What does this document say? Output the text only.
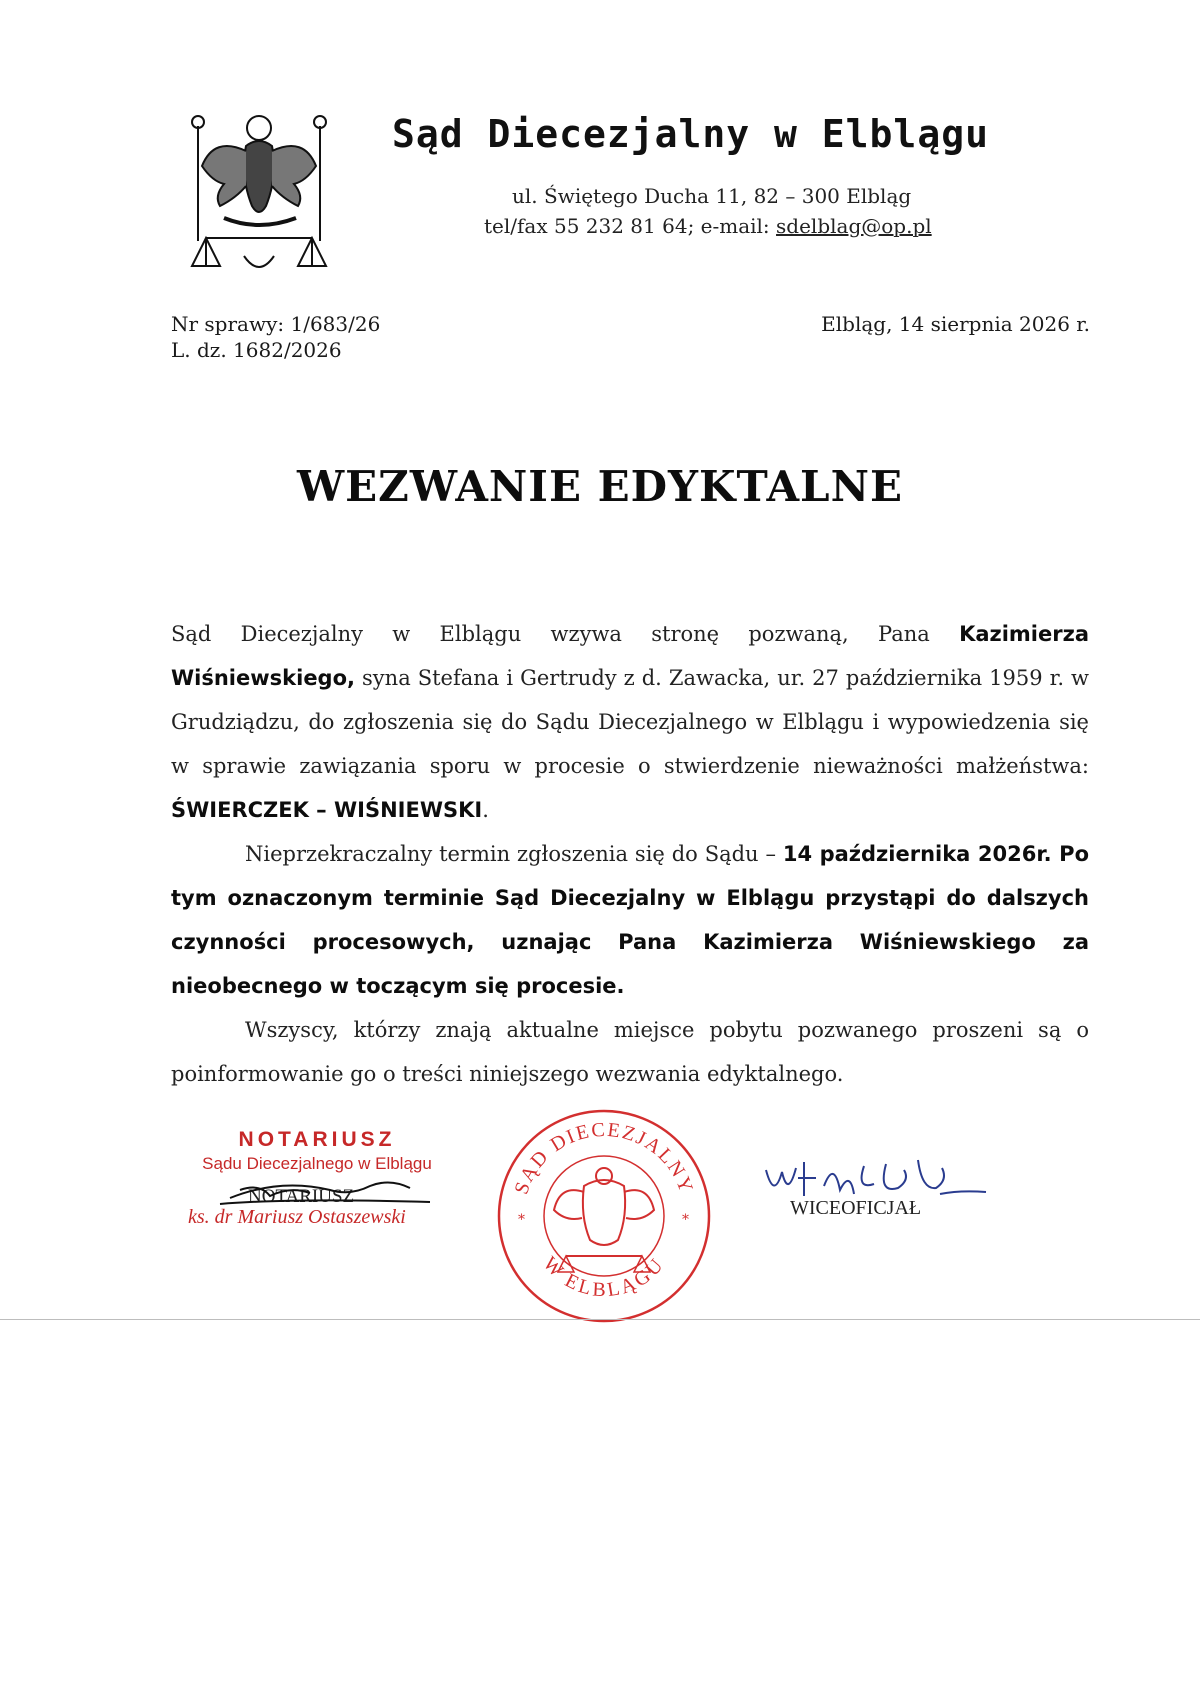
Sąd Diecezjalny w Elblągu
ul. Świętego Ducha 11, 82 – 300 Elbląg
tel/fax 55 232 81 64; e-mail: sdelblag@op.pl
Nr sprawy: 1/683/26
L. dz. 1682/2026
Elbląg, 14 sierpnia 2026 r.
WEZWANIE EDYKTALNE

Sąd Diecezjalny w Elblągu wzywa stronę pozwaną, Pana Kazimierza Wiśniewskiego, syna Stefana i Gertrudy z d. Zawacka, ur. 27 października 1959 r. w Grudziądzu, do zgłoszenia się do Sądu Diecezjalnego w Elblągu i wypowiedzenia się w sprawie zawiązania sporu w procesie o stwierdzenie nieważności małżeństwa: ŚWIERCZEK – WIŚNIEWSKI.

Nieprzekraczalny termin zgłoszenia się do Sądu – 14 października 2026r. Po tym oznaczonym terminie Sąd Diecezjalny w Elblągu przystąpi do dalszych czynności procesowych, uznając Pana Kazimierza Wiśniewskiego za nieobecnego w toczącym się procesie.

Wszyscy, którzy znają aktualne miejsce pobytu pozwanego proszeni są o poinformowanie go o treści niniejszego wezwania edyktalnego.

NOTARIUSZ
Sądu Diecezjalnego w Elblągu
NOTARIUSZ
ks. dr Mariusz Ostaszewski
SĄD DIECEZJALNY
W ELBLĄGU
*	*
WICEOFICJAŁ
